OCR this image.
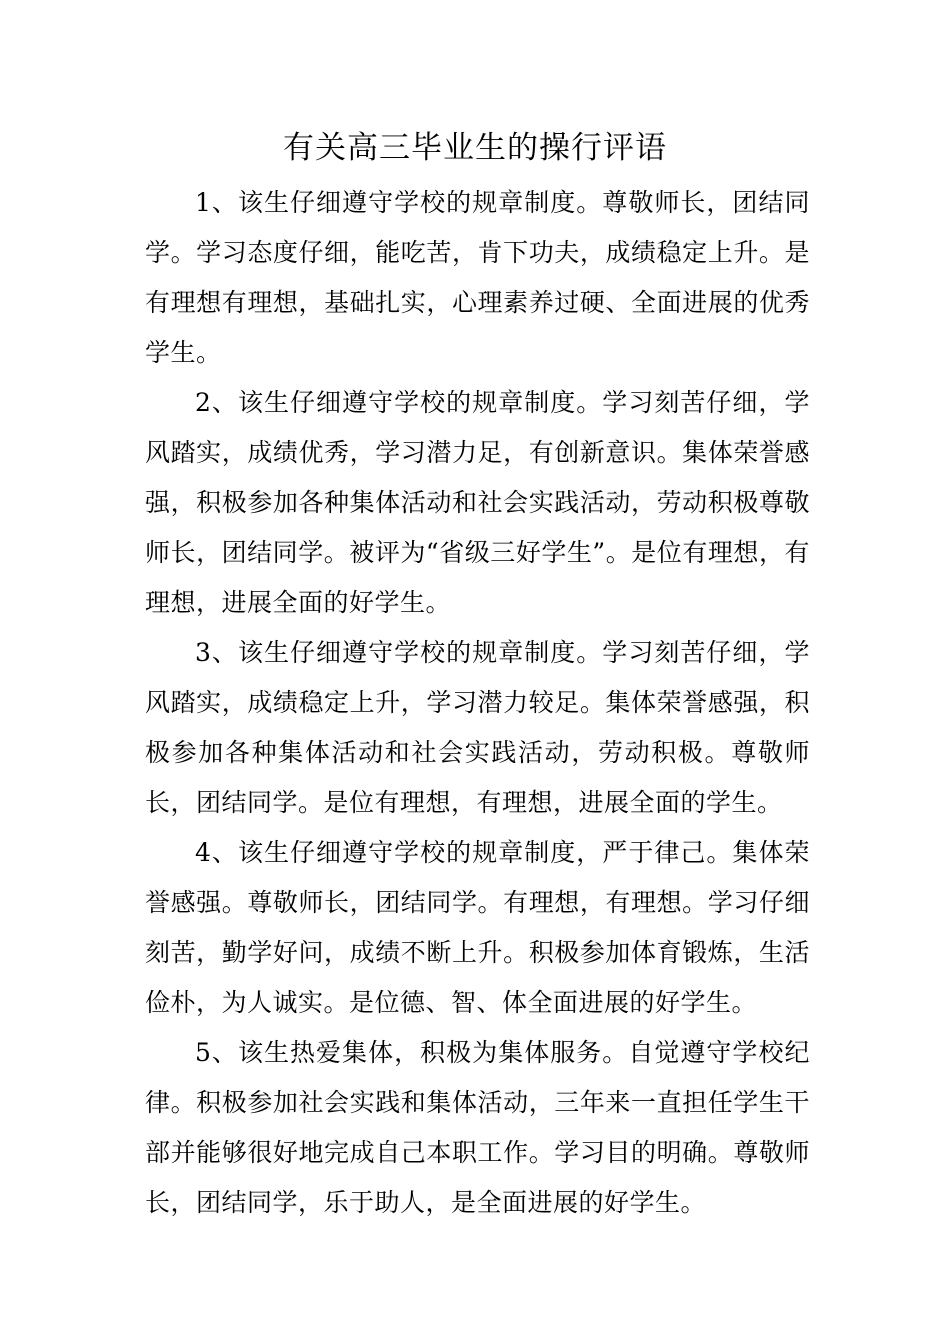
有关高三毕业生的操行评语

1、该生仔细遵守学校的规章制度。尊敬师长，团结同学。学习态度仔细，能吃苦，肯下功夫，成绩稳定上升。是有理想有理想，基础扎实，心理素养过硬、全面进展的优秀学生。

2、该生仔细遵守学校的规章制度。学习刻苦仔细，学风踏实，成绩优秀，学习潜力足，有创新意识。集体荣誉感强，积极参加各种集体活动和社会实践活动，劳动积极尊敬师长，团结同学。被评为“省级三好学生”。是位有理想，有理想，进展全面的好学生。

3、该生仔细遵守学校的规章制度。学习刻苦仔细，学风踏实，成绩稳定上升，学习潜力较足。集体荣誉感强，积极参加各种集体活动和社会实践活动，劳动积极。尊敬师长，团结同学。是位有理想，有理想，进展全面的学生。

4、该生仔细遵守学校的规章制度，严于律己。集体荣誉感强。尊敬师长，团结同学。有理想，有理想。学习仔细刻苦，勤学好问，成绩不断上升。积极参加体育锻炼，生活俭朴，为人诚实。是位德、智、体全面进展的好学生。

5、该生热爱集体，积极为集体服务。自觉遵守学校纪律。积极参加社会实践和集体活动，三年来一直担任学生干部并能够很好地完成自己本职工作。学习目的明确。尊敬师长，团结同学，乐于助人，是全面进展的好学生。
